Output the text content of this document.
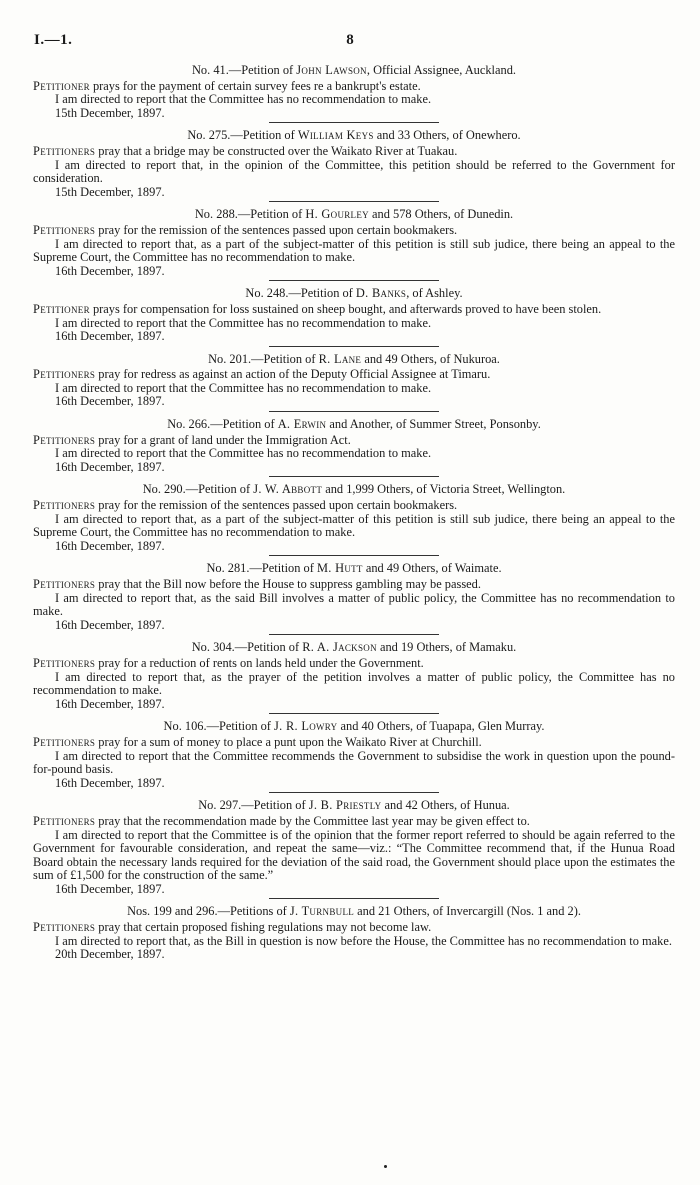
I.—1.	8
No. 41.—Petition of John Lawson, Official Assignee, Auckland.
Petitioner prays for the payment of certain survey fees re a bankrupt's estate.
I am directed to report that the Committee has no recommendation to make.
15th December, 1897.
No. 275.—Petition of William Keys and 33 Others, of Onewhero.
Petitioners pray that a bridge may be constructed over the Waikato River at Tuakau.
I am directed to report that, in the opinion of the Committee, this petition should be referred to the Government for consideration.
15th December, 1897.
No. 288.—Petition of H. Gourley and 578 Others, of Dunedin.
Petitioners pray for the remission of the sentences passed upon certain bookmakers.
I am directed to report that, as a part of the subject-matter of this petition is still sub judice, there being an appeal to the Supreme Court, the Committee has no recommendation to make.
16th December, 1897.
No. 248.—Petition of D. Banks, of Ashley.
Petitioner prays for compensation for loss sustained on sheep bought, and afterwards proved to have been stolen.
I am directed to report that the Committee has no recommendation to make.
16th December, 1897.
No. 201.—Petition of R. Lane and 49 Others, of Nukuroa.
Petitioners pray for redress as against an action of the Deputy Official Assignee at Timaru.
I am directed to report that the Committee has no recommendation to make.
16th December, 1897.
No. 266.—Petition of A. Erwin and Another, of Summer Street, Ponsonby.
Petitioners pray for a grant of land under the Immigration Act.
I am directed to report that the Committee has no recommendation to make.
16th December, 1897.
No. 290.—Petition of J. W. Abbott and 1,999 Others, of Victoria Street, Wellington.
Petitioners pray for the remission of the sentences passed upon certain bookmakers.
I am directed to report that, as a part of the subject-matter of this petition is still sub judice, there being an appeal to the Supreme Court, the Committee has no recommendation to make.
16th December, 1897.
No. 281.—Petition of M. Hutt and 49 Others, of Waimate.
Petitioners pray that the Bill now before the House to suppress gambling may be passed.
I am directed to report that, as the said Bill involves a matter of public policy, the Committee has no recommendation to make.
16th December, 1897.
No. 304.—Petition of R. A. Jackson and 19 Others, of Mamaku.
Petitioners pray for a reduction of rents on lands held under the Government.
I am directed to report that, as the prayer of the petition involves a matter of public policy, the Committee has no recommendation to make.
16th December, 1897.
No. 106.—Petition of J. R. Lowry and 40 Others, of Tuapapa, Glen Murray.
Petitioners pray for a sum of money to place a punt upon the Waikato River at Churchill.
I am directed to report that the Committee recommends the Government to subsidise the work in question upon the pound-for-pound basis.
16th December, 1897.
No. 297.—Petition of J. B. Priestly and 42 Others, of Hunua.
Petitioners pray that the recommendation made by the Committee last year may be given effect to.
I am directed to report that the Committee is of the opinion that the former report referred to should be again referred to the Government for favourable consideration, and repeat the same—viz.: “The Committee recommend that, if the Hunua Road Board obtain the necessary lands required for the deviation of the said road, the Government should place upon the estimates the sum of £1,500 for the construction of the same.”
16th December, 1897.
Nos. 199 and 296.—Petitions of J. Turnbull and 21 Others, of Invercargill (Nos. 1 and 2).
Petitioners pray that certain proposed fishing regulations may not become law.
I am directed to report that, as the Bill in question is now before the House, the Committee has no recommendation to make.
20th December, 1897.
